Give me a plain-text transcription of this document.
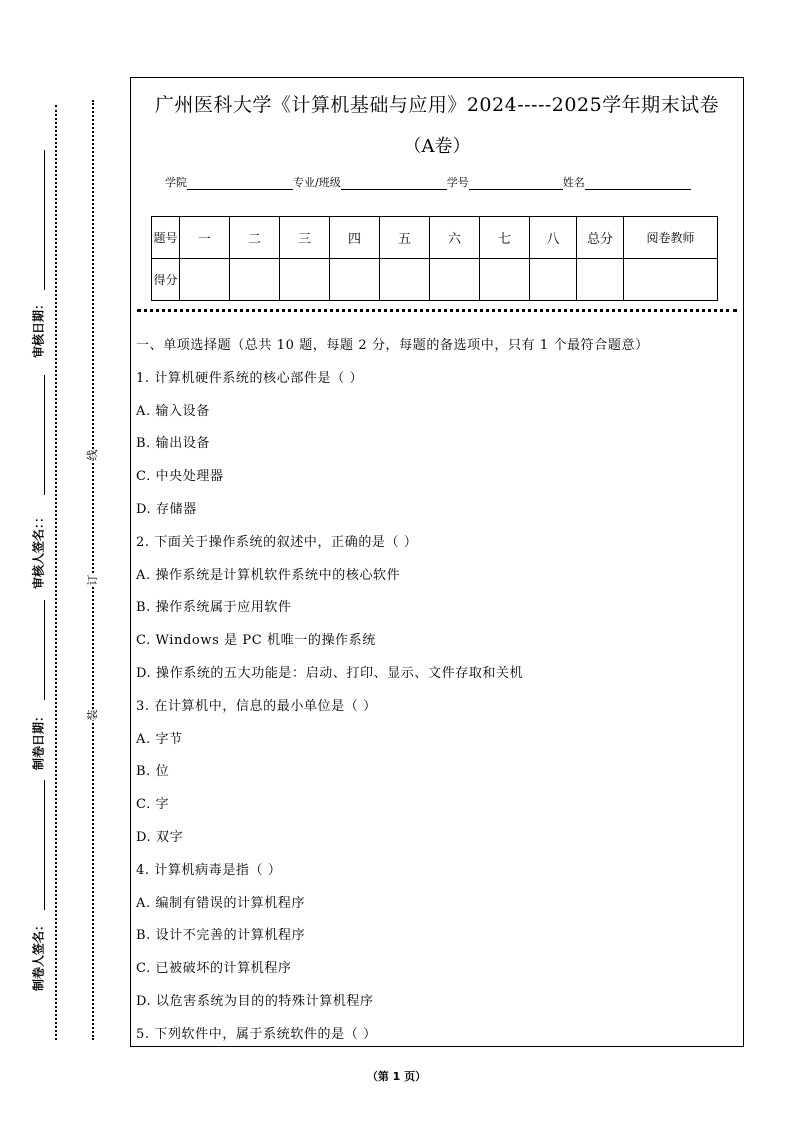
线
订
装
审核日期：
审核人签名：：
制卷日期：
制卷人签名：
广州医科大学《计算机基础与应用》2024-----2025学年期末试卷
（A卷）
学院	专业/班级	学号	姓名
题号	一	二	三	四	五	六	七	八	总分	阅卷教师
得分										
一、单项选择题（总共 10 题，每题 2 分，每题的备选项中，只有 1 个最符合题意）
1. 计算机硬件系统的核心部件是（ ）
A. 输入设备
B. 输出设备
C. 中央处理器
D. 存储器
2. 下面关于操作系统的叙述中，正确的是（ ）
A. 操作系统是计算机软件系统中的核心软件
B. 操作系统属于应用软件
C. Windows 是 PC 机唯一的操作系统
D. 操作系统的五大功能是：启动、打印、显示、文件存取和关机
3. 在计算机中，信息的最小单位是（ ）
A. 字节
B. 位
C. 字
D. 双字
4. 计算机病毒是指（ ）
A. 编制有错误的计算机程序
B. 设计不完善的计算机程序
C. 已被破坏的计算机程序
D. 以危害系统为目的的特殊计算机程序
5. 下列软件中，属于系统软件的是（ ）
（第 1 页）
